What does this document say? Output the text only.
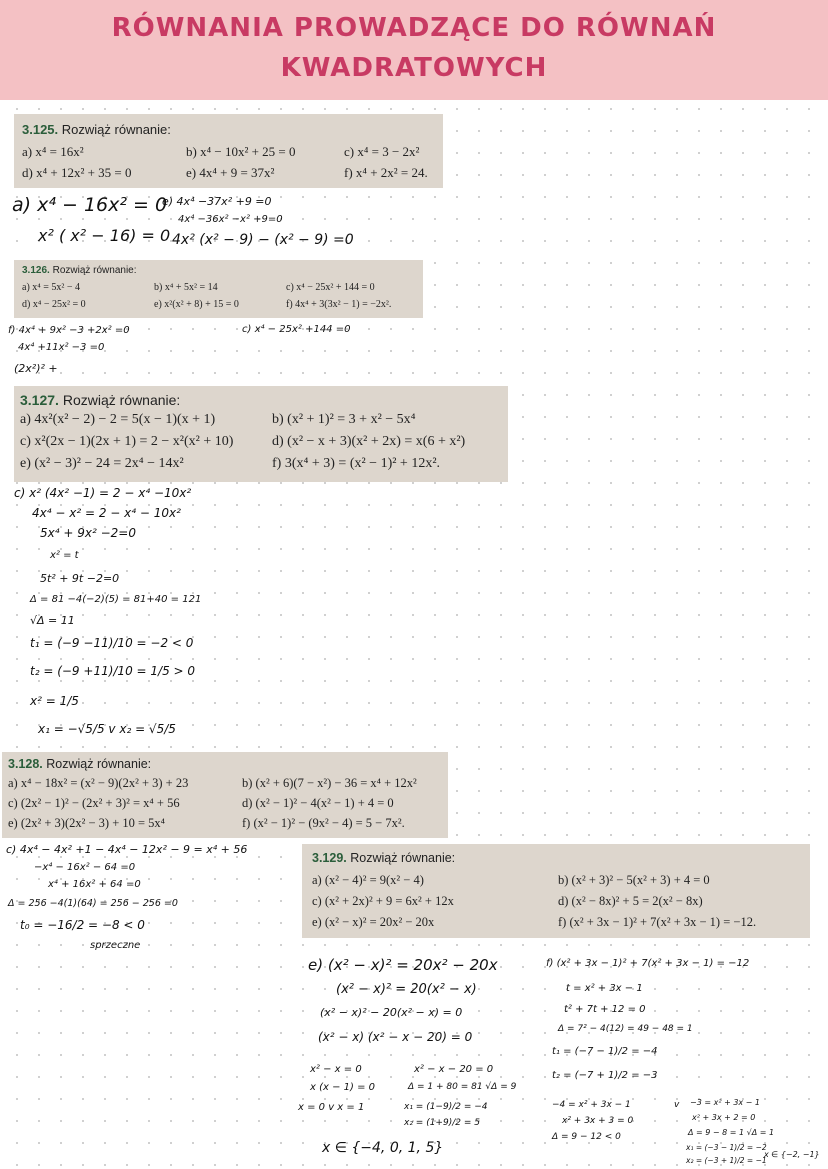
RÓWNANIA PROWADZĄCE DO RÓWNAŃ
KWADRATOWYCH
3.125. Rozwiąż równanie:
a) x⁴ = 16x²	b) x⁴ − 10x² + 25 = 0	c) x⁴ = 3 − 2x²
d) x⁴ + 12x² + 35 = 0	e) 4x⁴ + 9 = 37x²	f) x⁴ + 2x² = 24.
a) x⁴ − 16x² = 0
x² ( x² − 16) = 0
e) 4x⁴ −37x² +9 =0
4x⁴ −36x² −x² +9=0
4x² (x² − 9) − (x² − 9) =0
3.126. Rozwiąż równanie:
a) x⁴ = 5x² − 4	b) x⁴ + 5x² = 14	c) x⁴ − 25x² + 144 = 0
d) x⁴ − 25x² = 0	e) x²(x² + 8) + 15 = 0	f) 4x⁴ + 3(3x² − 1) = −2x².
f) 4x⁴ + 9x² −3 +2x² =0
4x⁴ +11x² −3 =0
(2x²)² +
c) x⁴ − 25x² +144 =0
3.127. Rozwiąż równanie:
a) 4x²(x² − 2) − 2 = 5(x − 1)(x + 1)	b) (x² + 1)² = 3 + x² − 5x⁴
c) x²(2x − 1)(2x + 1) = 2 − x²(x² + 10)	d) (x² − x + 3)(x² + 2x) = x(6 + x²)
e) (x² − 3)² − 24 = 2x⁴ − 14x²	f) 3(x⁴ + 3) = (x² − 1)² + 12x².
c) x² (4x² −1) = 2 − x⁴ −10x²
4x⁴ − x² = 2 − x⁴ − 10x²
5x⁴ + 9x² −2=0
x² = t
5t² + 9t −2=0
Δ = 81 −4(−2)(5) = 81+40 = 121
√Δ = 11
t₁ = (−9 −11)/10 = −2 < 0
t₂ = (−9 +11)/10 = 1/5 > 0
x² = 1/5
x₁ = −√5/5 v x₂ = √5/5
3.128. Rozwiąż równanie:
a) x⁴ − 18x² = (x² − 9)(2x² + 3) + 23	b) (x² + 6)(7 − x²) − 36 = x⁴ + 12x²
c) (2x² − 1)² − (2x² + 3)² = x⁴ + 56	d) (x² − 1)² − 4(x² − 1) + 4 = 0
e) (2x² + 3)(2x² − 3) + 10 = 5x⁴	f) (x² − 1)² − (9x² − 4) = 5 − 7x².
c) 4x⁴ − 4x² +1 − 4x⁴ − 12x² − 9 = x⁴ + 56
−x⁴ − 16x² − 64 =0
x⁴ + 16x² + 64 =0
Δ = 256 −4(1)(64) = 256 − 256 =0
t₀ = −16/2 = −8 < 0
sprzeczne
3.129. Rozwiąż równanie:
a) (x² − 4)² = 9(x² − 4)	b) (x² + 3)² − 5(x² + 3) + 4 = 0
c) (x² + 2x)² + 9 = 6x² + 12x	d) (x² − 8x)² + 5 = 2(x² − 8x)
e) (x² − x)² = 20x² − 20x	f) (x² + 3x − 1)² + 7(x² + 3x − 1) = −12.
e) (x² − x)² = 20x² − 20x
(x² − x)² = 20(x² − x)
(x² − x)² − 20(x² − x) = 0
(x² − x) (x² − x − 20) = 0
x² − x = 0
x (x − 1) = 0
x = 0 v x = 1
x² − x − 20 = 0
Δ = 1 + 80 = 81 √Δ = 9
x₁ = (1−9)/2 = −4
x₂ = (1+9)/2 = 5
x ∈ {−4, 0, 1, 5}
f) (x² + 3x − 1)² + 7(x² + 3x − 1) = −12
t = x² + 3x − 1
t² + 7t + 12 = 0
Δ = 7² − 4(12) = 49 − 48 = 1
t₁ = (−7 − 1)/2 = −4
t₂ = (−7 + 1)/2 = −3
−4 = x² + 3x − 1
x² + 3x + 3 = 0
Δ = 9 − 12 < 0
v −3 = x² + 3x − 1
x² + 3x + 2 = 0
Δ = 9 − 8 = 1 √Δ = 1
x₁ = (−3 − 1)/2 = −2
x₂ = (−3 + 1)/2 = −1
x ∈ {−2, −1}
